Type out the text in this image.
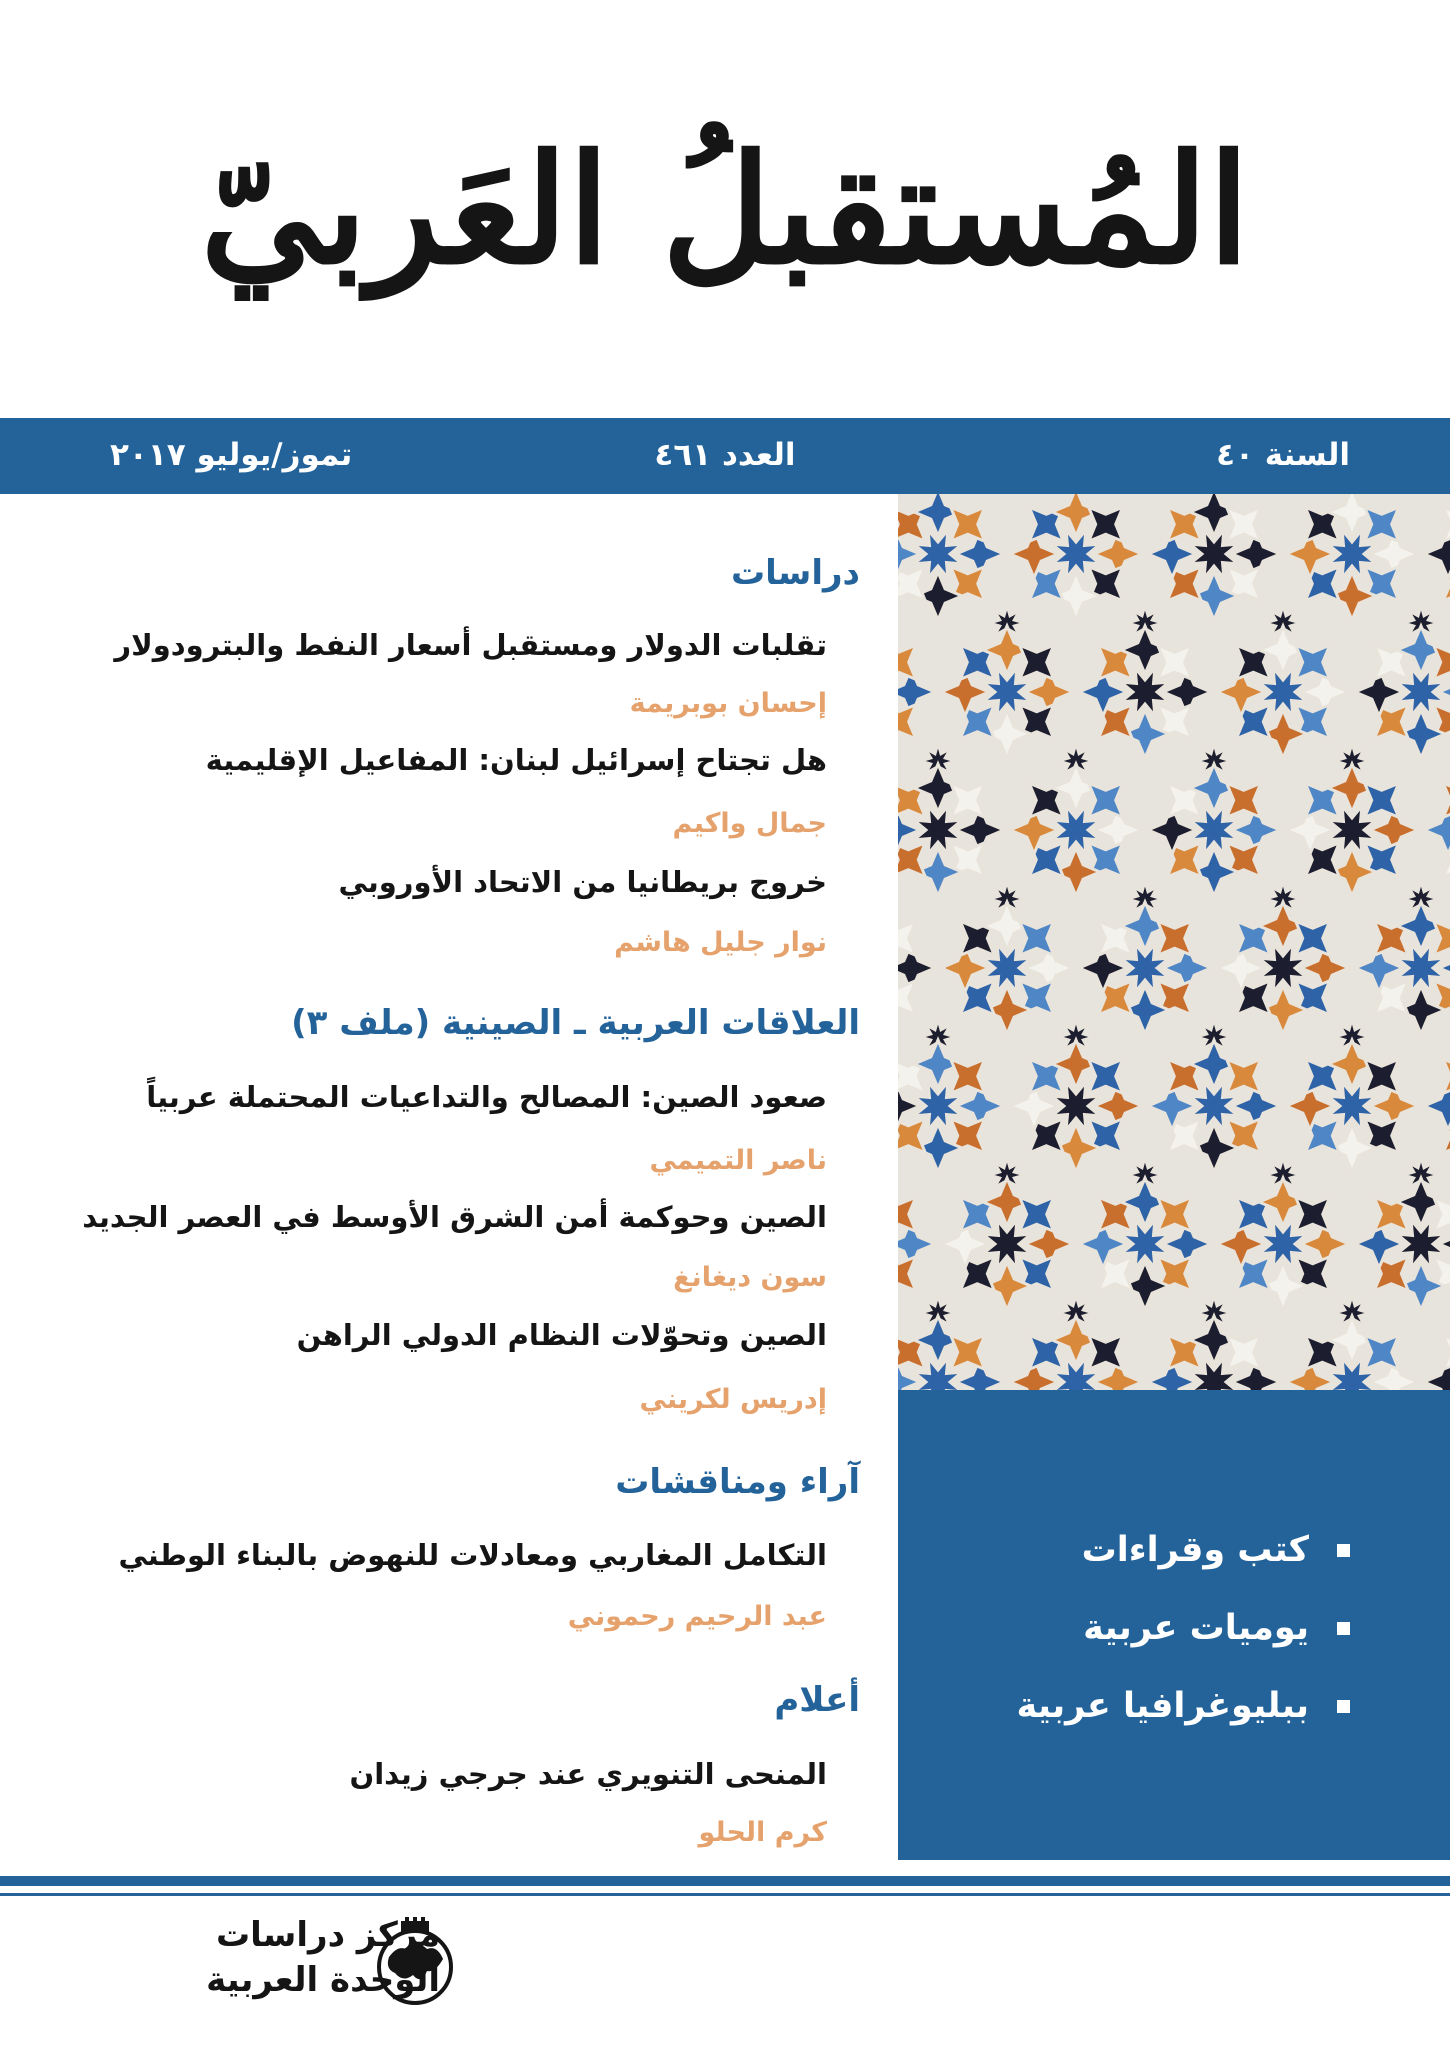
المُستقبلُ العَربيّ
السنة ٤٠
العدد ٤٦١
تموز/يوليو ٢٠١٧
كتب وقراءات
يوميات عربية
ببليوغرافيا عربية
دراسات
تقلبات الدولار ومستقبل أسعار النفط والبترودولار
إحسان بوبريمة
هل تجتاح إسرائيل لبنان: المفاعيل الإقليمية
جمال واكيم
خروج بريطانيا من الاتحاد الأوروبي
نوار جليل هاشم
العلاقات العربية ـ الصينية (ملف ٣)
صعود الصين: المصالح والتداعيات المحتملة عربياً
ناصر التميمي
الصين وحوكمة أمن الشرق الأوسط في العصر الجديد
سون ديغانغ
الصين وتحوّلات النظام الدولي الراهن
إدريس لكريني
آراء ومناقشات
التكامل المغاربي ومعادلات للنهوض بالبناء الوطني
عبد الرحيم رحموني
أعلام
المنحى التنويري عند جرجي زيدان
كرم الحلو
مركز دراسات
الوحدة العربية
